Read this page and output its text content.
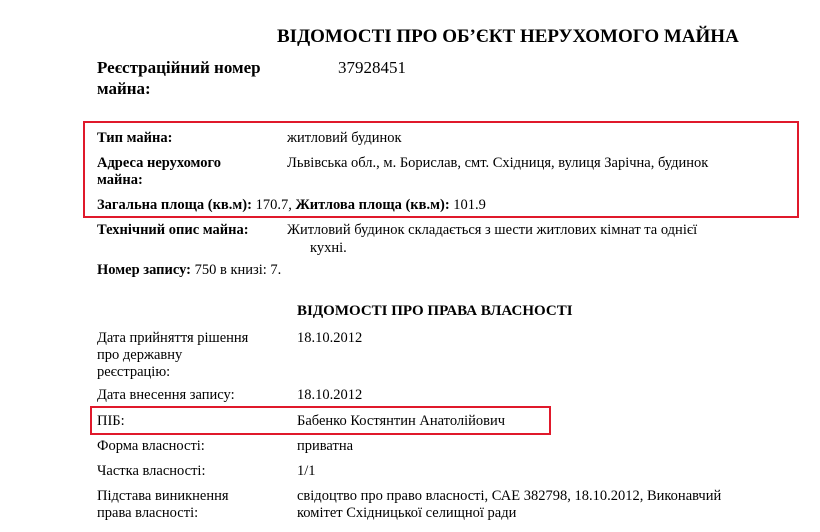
ВІДОМОСТІ ПРО ОБ’ЄКТ НЕРУХОМОГО МАЙНА
Реєстраційний номер
майна:
37928451
Тип майна:	житловий будинок
Адреса нерухомого
майна:
Львівська обл., м. Борислав, смт. Східниця, вулиця Зарічна, будинок
Загальна площа (кв.м): 170.7, Житлова площа (кв.м): 101.9
Технічний опис майна:	Житловий будинок складається з шести житлових кімнат та однієї
кухні.
Номер запису: 750 в книзі: 7.
ВІДОМОСТІ ПРО ПРАВА ВЛАСНОСТІ
Дата прийняття рішення
про державну
реєстрацію:
18.10.2012
Дата внесення запису:	18.10.2012
ПІБ:	Бабенко Костянтин Анатолійович
Форма власності:	приватна
Частка власності:	1/1
Підстава виникнення
права власності:
свідоцтво про право власності, САЕ 382798, 18.10.2012, Виконавчий
комітет Східницької селищної ради
